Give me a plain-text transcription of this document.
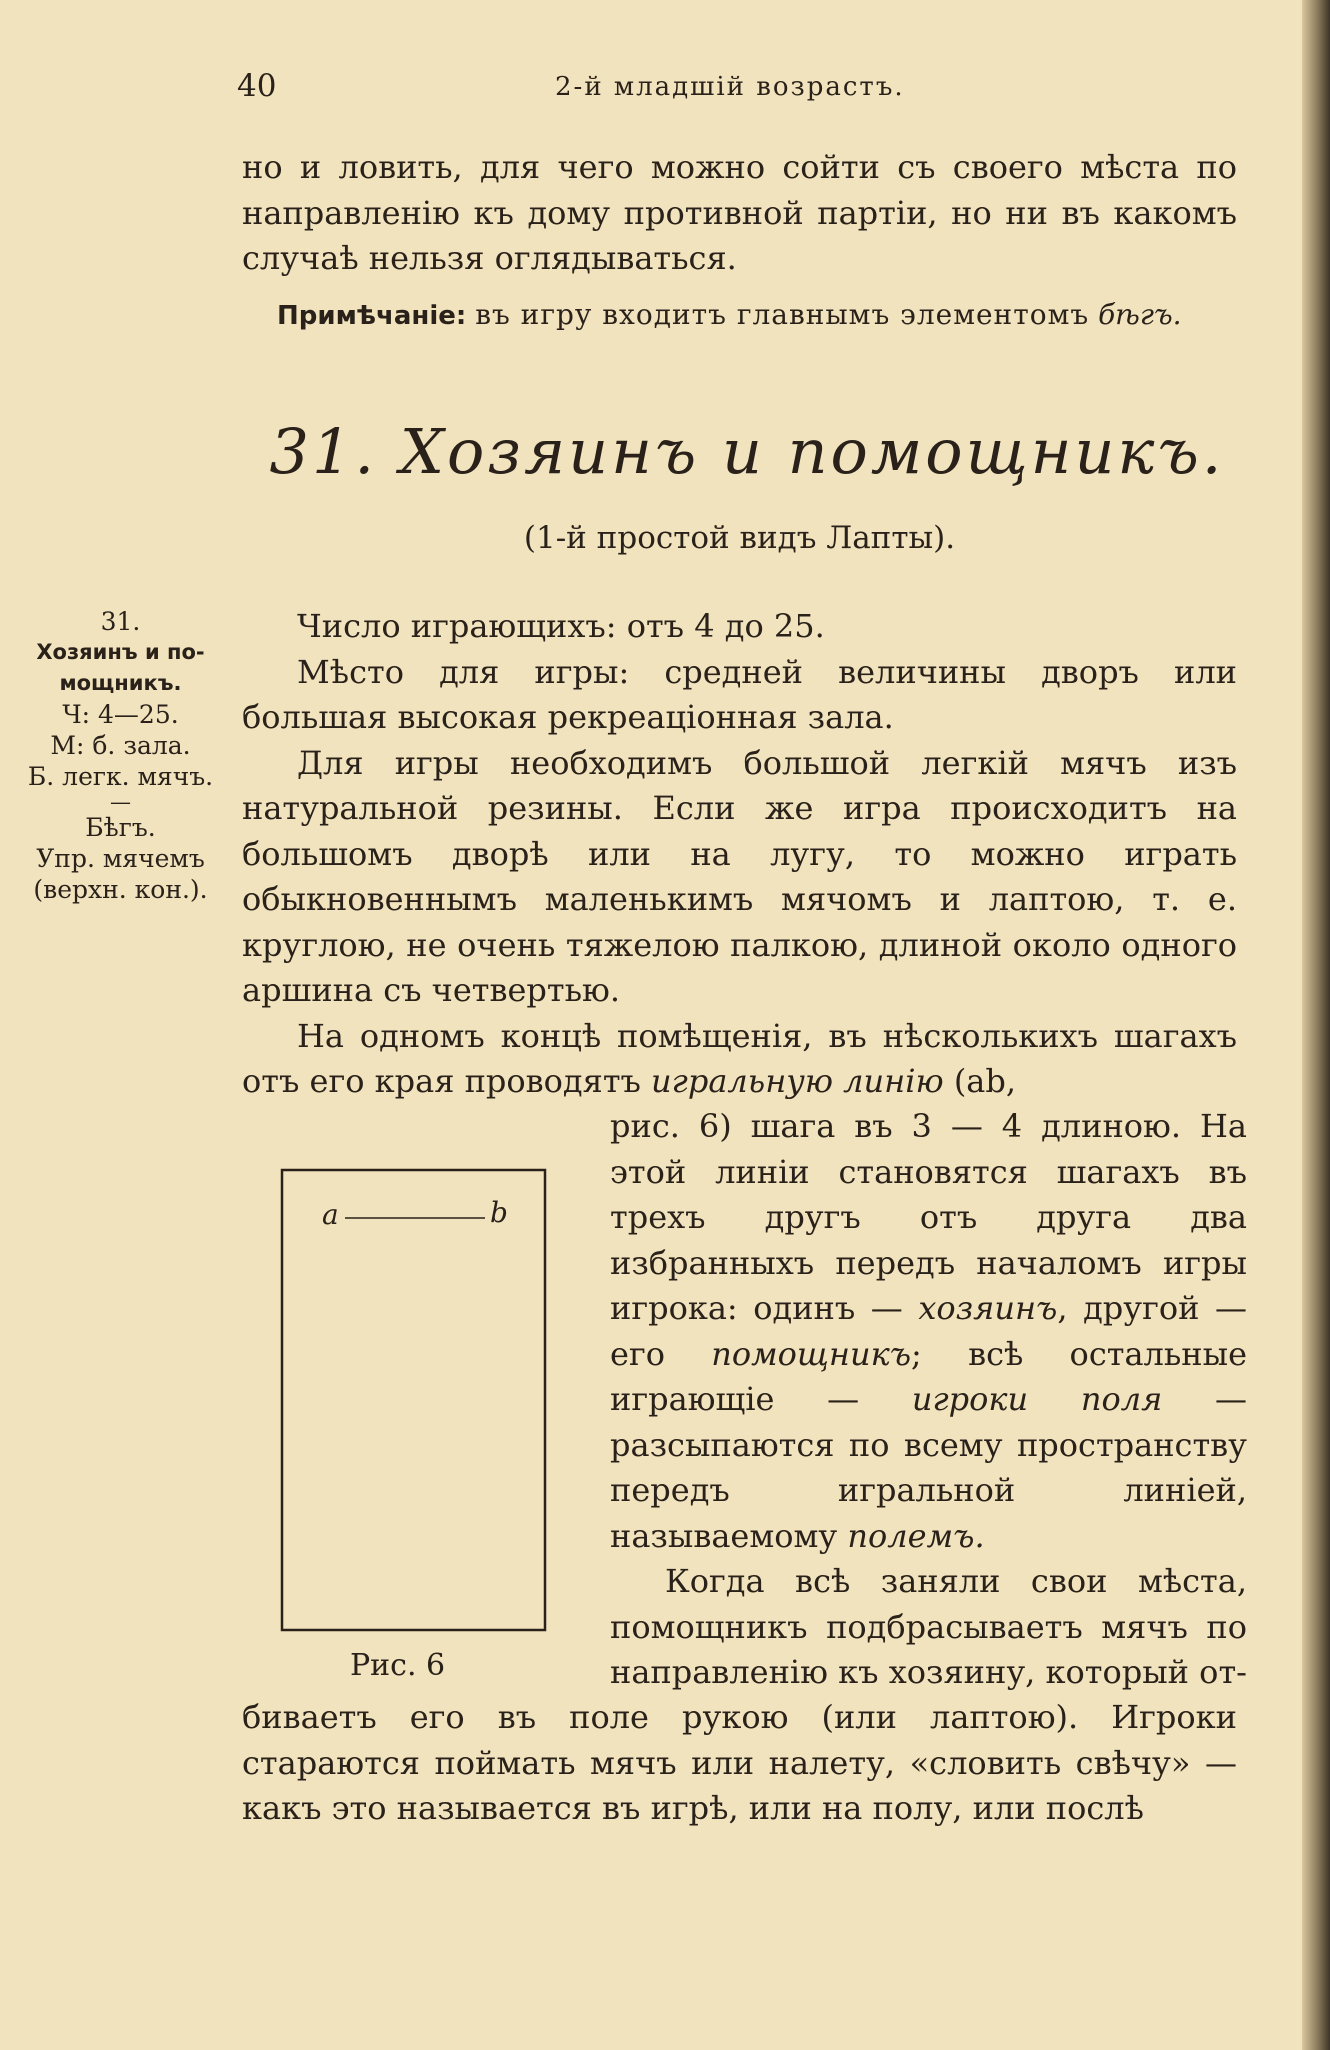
40	2-й младшій возрастъ.

но и ловить, для чего можно сойти съ своего мѣста по направленію къ дому противной партіи, но ни въ какомъ случаѣ нельзя оглядываться.

Примѣчаніе: въ игру входитъ главнымъ элементомъ бѣгъ.
31. Хозяинъ и помощникъ.
(1-й простой видъ Лапты).
31.
Хозяинъ и по-
мощникъ.
Ч: 4—25.
М: б. зала.
Б. легк. мячъ.
—
Бѣгъ.
Упр. мячемъ
(верхн. кон.).

Число играющихъ: отъ 4 до 25.

Мѣсто для игры: средней величины дворъ или большая высокая рекреаціонная зала.

Для игры необходимъ большой легкій мячъ изъ натуральной резины. Если же игра происходитъ на большомъ дворѣ или на лугу, то можно играть обыкновеннымъ маленькимъ мячомъ и лаптою, т. е. круглою, не очень тяжелою палкою, длиной около одного аршина съ четвертью.

На одномъ концѣ помѣщенія, въ нѣсколькихъ шагахъ отъ его края проводятъ игральную линію (аb,

рис. 6) шага въ 3 — 4 длиною. На этой линіи становятся шагахъ въ трехъ другъ отъ друга два избранныхъ передъ началомъ игры игрока: одинъ — хозяинъ, другой — его помощникъ; всѣ остальные играющіе — игроки поля — разсыпаются по всему пространству передъ игральной линіей, называемому полемъ.

Когда всѣ заняли свои мѣста, помощникъ подбрасываетъ мячъ по направленію къ хозяину, который от-

биваетъ его въ поле рукою (или лаптою). Игроки стараются поймать мячъ или налету, «словить свѣчу» — какъ это называется въ игрѣ, или на полу, или послѣ

a	b
Рис. 6
